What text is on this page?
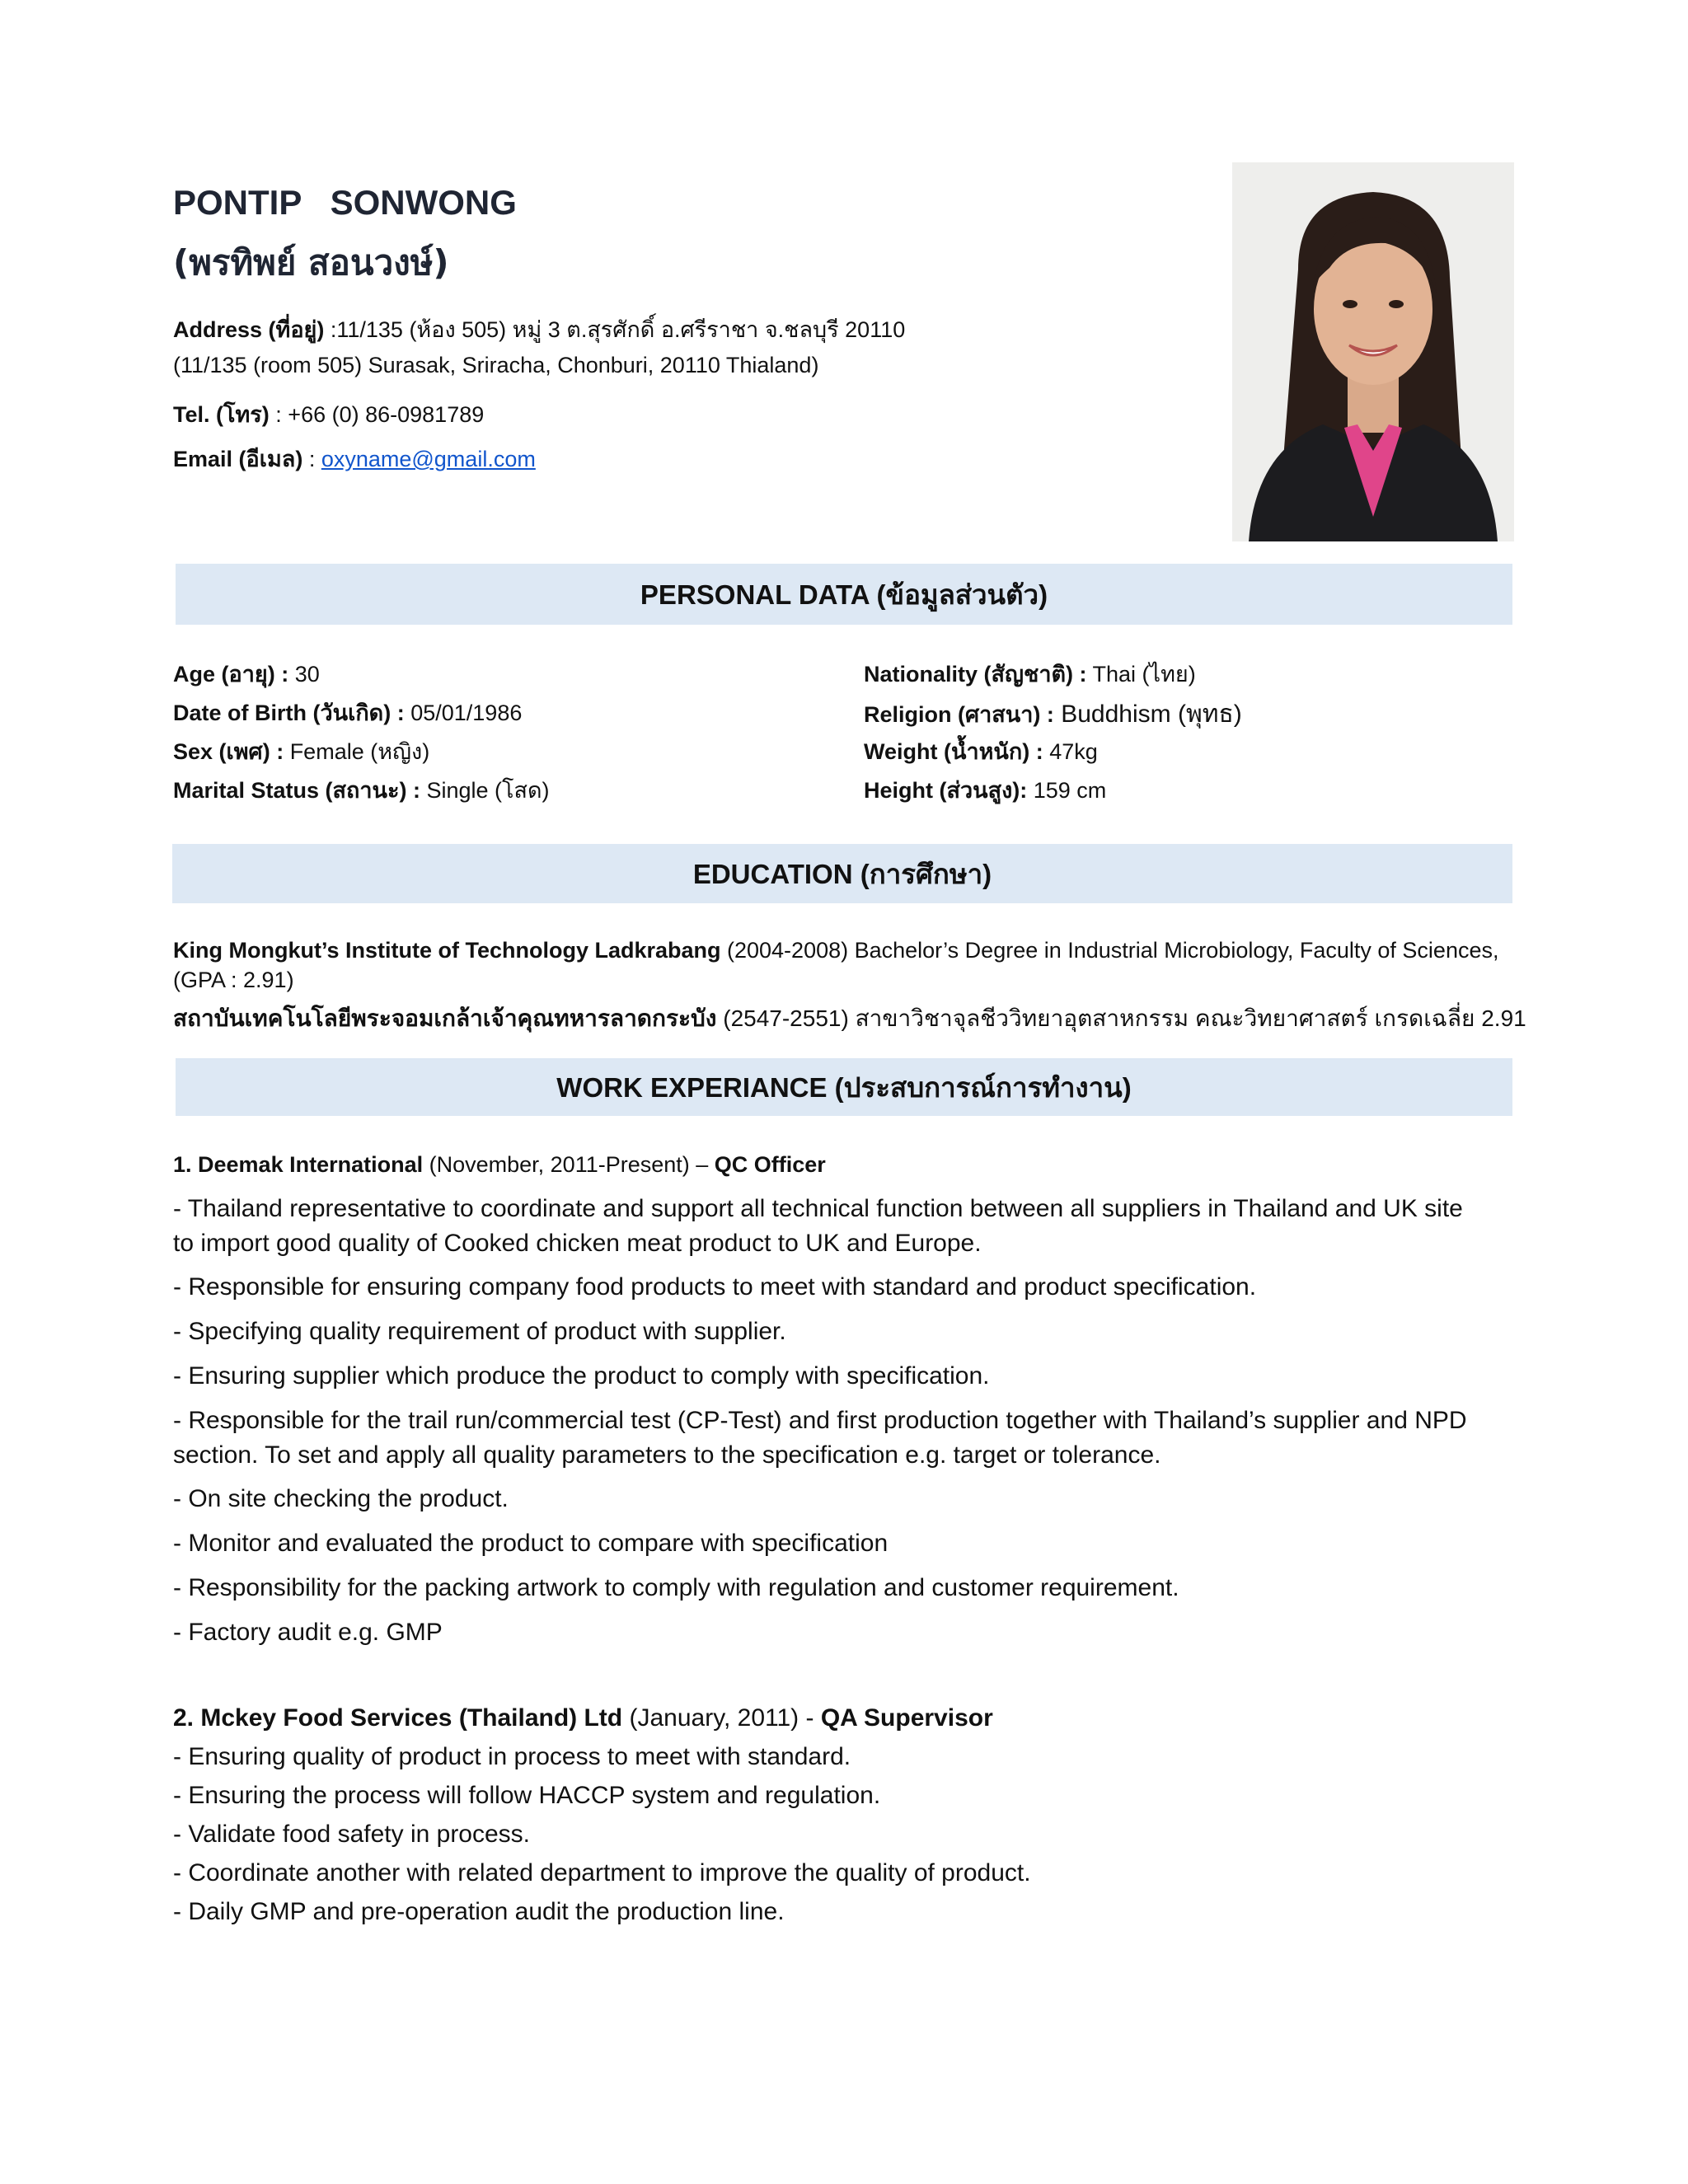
PONTIP   SONWONG
(พรทิพย์ สอนวงษ์)
Address (ที่อยู่) :11/135 (ห้อง 505) หมู่ 3 ต.สุรศักดิ์ อ.ศรีราชา จ.ชลบุรี 20110
(11/135 (room 505) Surasak, Sriracha, Chonburi, 20110 Thialand)
Tel. (โทร) : +66 (0) 86-0981789
Email (อีเมล) : oxyname@gmail.com
PERSONAL DATA (ข้อมูลส่วนตัว)
Age (อายุ) : 30
Date of Birth (วันเกิด) : 05/01/1986
Sex (เพศ) : Female (หญิง)
Marital Status (สถานะ) : Single (โสด)
Nationality (สัญชาติ) : Thai (ไทย)
Religion (ศาสนา) : Buddhism (พุทธ)
Weight (น้ำหนัก) : 47kg
Height (ส่วนสูง): 159 cm
EDUCATION (การศึกษา)
King Mongkut’s Institute of Technology Ladkrabang (2004-2008) Bachelor’s Degree in Industrial Microbiology, Faculty of Sciences,
(GPA : 2.91)
สถาบันเทคโนโลยีพระจอมเกล้าเจ้าคุณทหารลาดกระบัง (2547-2551) สาขาวิชาจุลชีววิทยาอุตสาหกรรม คณะวิทยาศาสตร์ เกรดเฉลี่ย 2.91
WORK EXPERIANCE (ประสบการณ์การทำงาน)
1. Deemak International (November, 2011-Present) – QC Officer
- Thailand representative to coordinate and support all technical function between all suppliers in Thailand and UK site
to import good quality of Cooked chicken meat product to UK and Europe.
- Responsible for ensuring company food products to meet with standard and product specification.
- Specifying quality requirement of product with supplier.
- Ensuring supplier which produce the product to comply with specification.
- Responsible for the trail run/commercial test (CP-Test) and first production together with Thailand’s supplier and NPD
section. To set and apply all quality parameters to the specification e.g. target or tolerance.
- On site checking the product.
- Monitor and evaluated the product to compare with specification
- Responsibility for the packing artwork to comply with regulation and customer requirement.
- Factory audit e.g. GMP
2. Mckey Food Services (Thailand) Ltd (January, 2011) - QA Supervisor
- Ensuring quality of product in process to meet with standard.
- Ensuring the process will follow HACCP system and regulation.
- Validate food safety in process.
- Coordinate another with related department to improve the quality of product.
- Daily GMP and pre-operation audit the production line.
